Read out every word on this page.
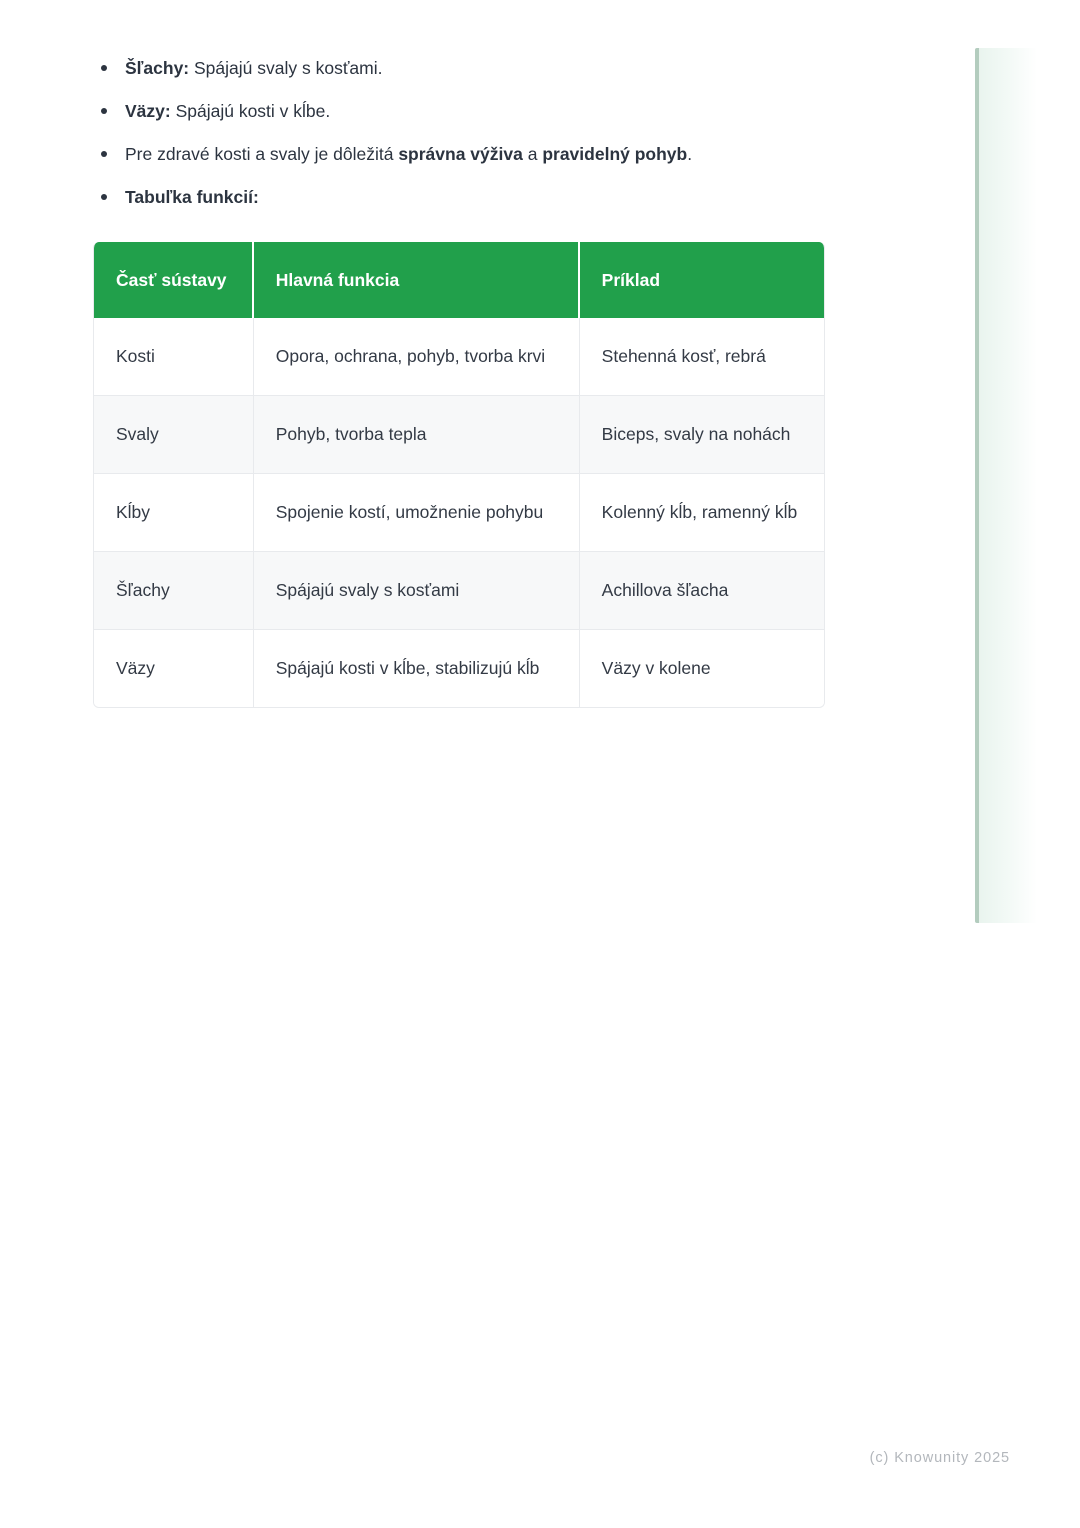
Šľachy: Spájajú svaly s kosťami.
Väzy: Spájajú kosti v kĺbe.
Pre zdravé kosti a svaly je dôležitá správna výživa a pravidelný pohyb.
Tabuľka funkcií:
Časť sústavy	Hlavná funkcia	Príklad
Kosti	Opora, ochrana, pohyb, tvorba krvi	Stehenná kosť, rebrá
Svaly	Pohyb, tvorba tepla	Biceps, svaly na nohách
Kĺby	Spojenie kostí, umožnenie pohybu	Kolenný kĺb, ramenný kĺb
Šľachy	Spájajú svaly s kosťami	Achillova šľacha
Väzy	Spájajú kosti v kĺbe, stabilizujú kĺb	Väzy v kolene
(c) Knowunity 2025
